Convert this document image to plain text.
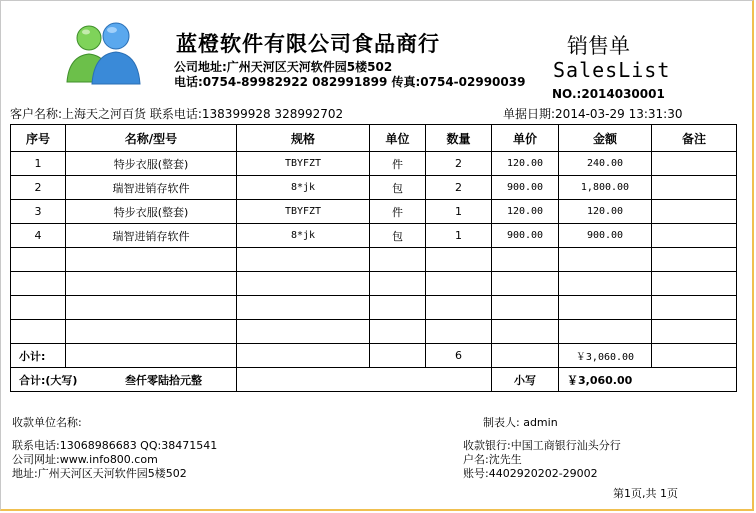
蓝橙软件有限公司食品商行
公司地址:广州天河区天河软件园5楼502
电话:0754-89982922 082991899 传真:0754-02990039
销售单
SalesList
NO.:2014030001
客户名称:上海天之河百货 联系电话:138399928 328992702	单据日期:2014-03-29 13:31:30
序号	名称/型号	规格	单位	数量	单价	金额	备注
1	特步衣服(整套)	TBYFZT	件	2	120.00	240.00	
2	瑞智进销存软件	8*jk	包	2	900.00	1,800.00	
3	特步衣服(整套)	TBYFZT	件	1	120.00	120.00	
4	瑞智进销存软件	8*jk	包	1	900.00	900.00	

小计:				6		￥3,060.00	
合计:(大写) 叁仟零陆拾元整					小写	￥3,060.00	
收款单位名称:	制表人: admin
联系电话:13068986683 QQ:38471541
公司网址:www.info800.com
地址:广州天河区天河软件园5楼502
收款银行:中国工商银行汕头分行
户名:沈先生
账号:4402920202-29002
第1页,共 1页
